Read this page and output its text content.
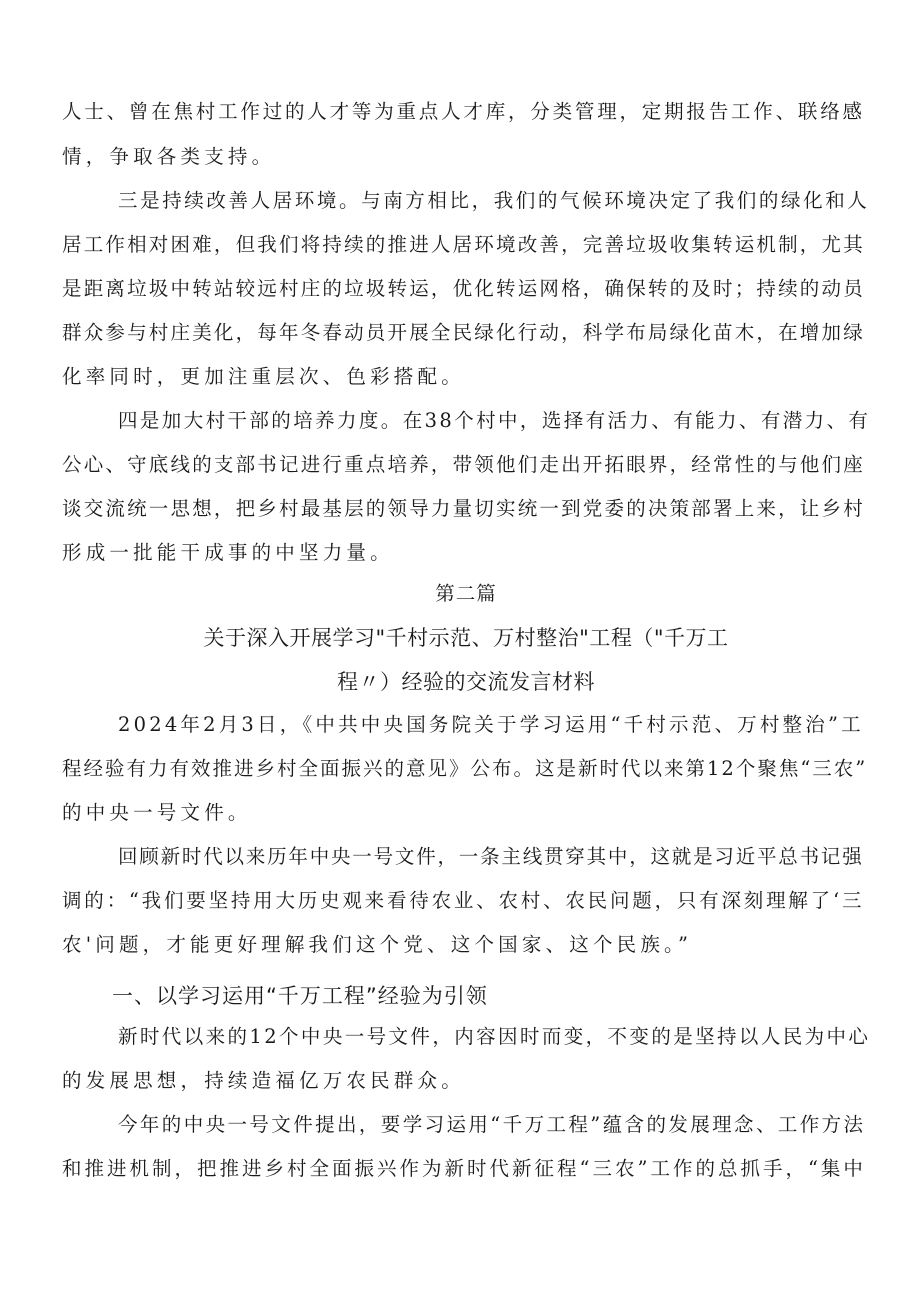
人士、曾在焦村工作过的人才等为重点人才库，分类管理，定期报告工作、联络感
情，争取各类支持。
三是持续改善人居环境。与南方相比，我们的气候环境决定了我们的绿化和人
居工作相对困难，但我们将持续的推进人居环境改善，完善垃圾收集转运机制，尤其
是距离垃圾中转站较远村庄的垃圾转运，优化转运网格，确保转的及时；持续的动员
群众参与村庄美化，每年冬春动员开展全民绿化行动，科学布局绿化苗木，在增加绿
化率同时，更加注重层次、色彩搭配。
四是加大村干部的培养力度。在38个村中，选择有活力、有能力、有潜力、有
公心、守底线的支部书记进行重点培养，带领他们走出开拓眼界，经常性的与他们座
谈交流统一思想，把乡村最基层的领导力量切实统一到党委的决策部署上来，让乡村
形成一批能干成事的中坚力量。
第二篇
关于深入开展学习"千村示范、万村整治"工程（"千万工
程〃）经验的交流发言材料
2024年2月3日，《中共中央国务院关于学习运用“千村示范、万村整治”工
程经验有力有效推进乡村全面振兴的意见》公布。这是新时代以来第12个聚焦“三农”
的中央一号文件。
回顾新时代以来历年中央一号文件，一条主线贯穿其中，这就是习近平总书记强
调的：“我们要坚持用大历史观来看待农业、农村、农民问题，只有深刻理解了‘三
农'问题，才能更好理解我们这个党、这个国家、这个民族。”
一、以学习运用“千万工程”经验为引领
新时代以来的12个中央一号文件，内容因时而变，不变的是坚持以人民为中心
的发展思想，持续造福亿万农民群众。
今年的中央一号文件提出，要学习运用“千万工程”蕴含的发展理念、工作方法
和推进机制，把推进乡村全面振兴作为新时代新征程“三农”工作的总抓手，“集中
